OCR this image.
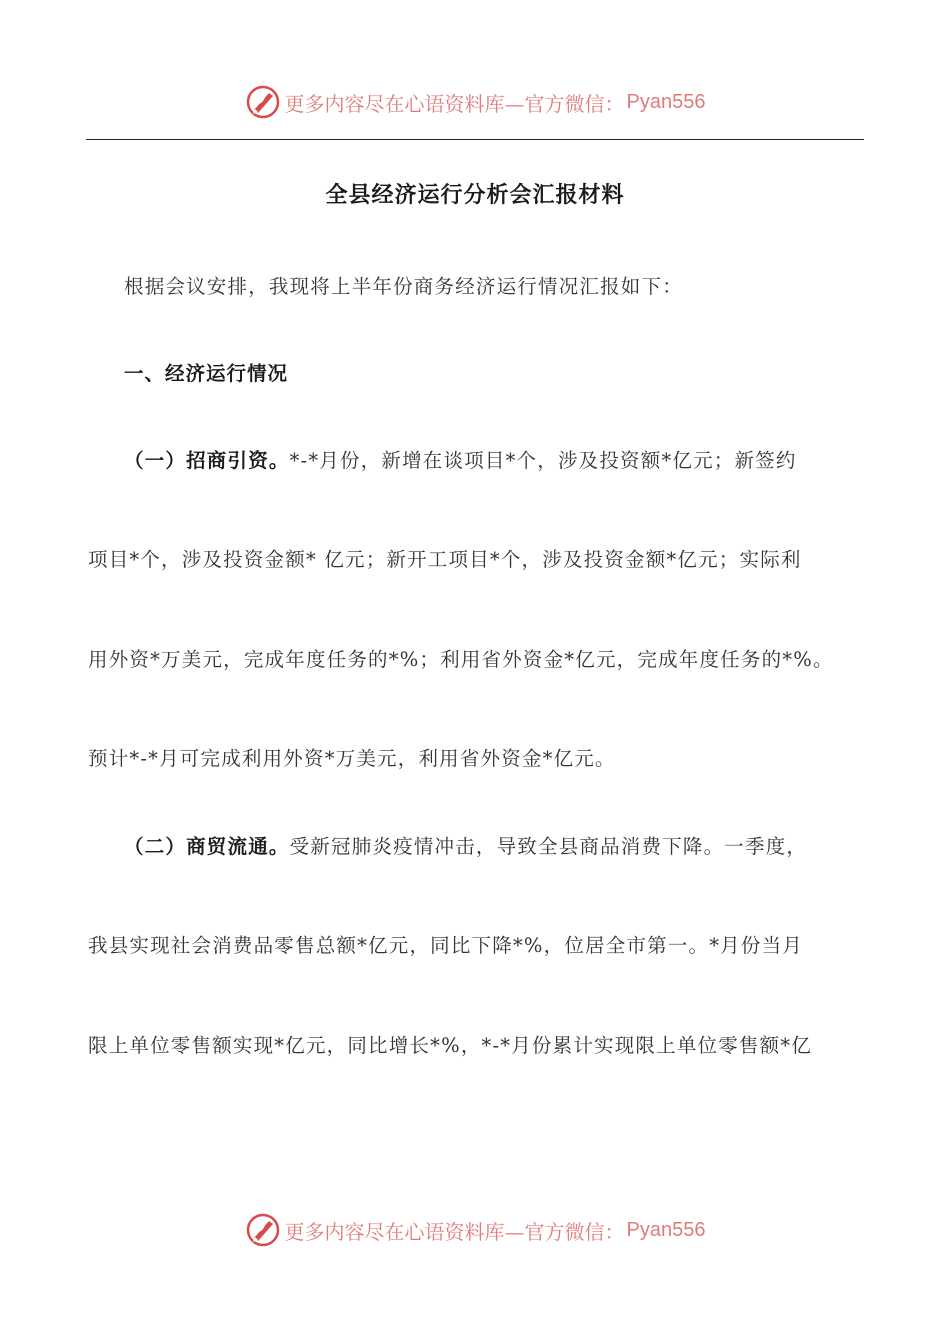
更多内容尽在心语资料库—官方微信： Pyan556
全县经济运行分析会汇报材料
根据会议安排，我现将上半年份商务经济运行情况汇报如下：
一、经济运行情况
（一）招商引资。*-*月份，新增在谈项目*个，涉及投资额*亿元；新签约
项目*个，涉及投资金额* 亿元；新开工项目*个，涉及投资金额*亿元；实际利
用外资*万美元，完成年度任务的*%；利用省外资金*亿元，完成年度任务的*%。
预计*-*月可完成利用外资*万美元，利用省外资金*亿元。
（二）商贸流通。受新冠肺炎疫情冲击，导致全县商品消费下降。一季度，
我县实现社会消费品零售总额*亿元，同比下降*%，位居全市第一。*月份当月
限上单位零售额实现*亿元，同比增长*%，*-*月份累计实现限上单位零售额*亿
更多内容尽在心语资料库—官方微信： Pyan556
